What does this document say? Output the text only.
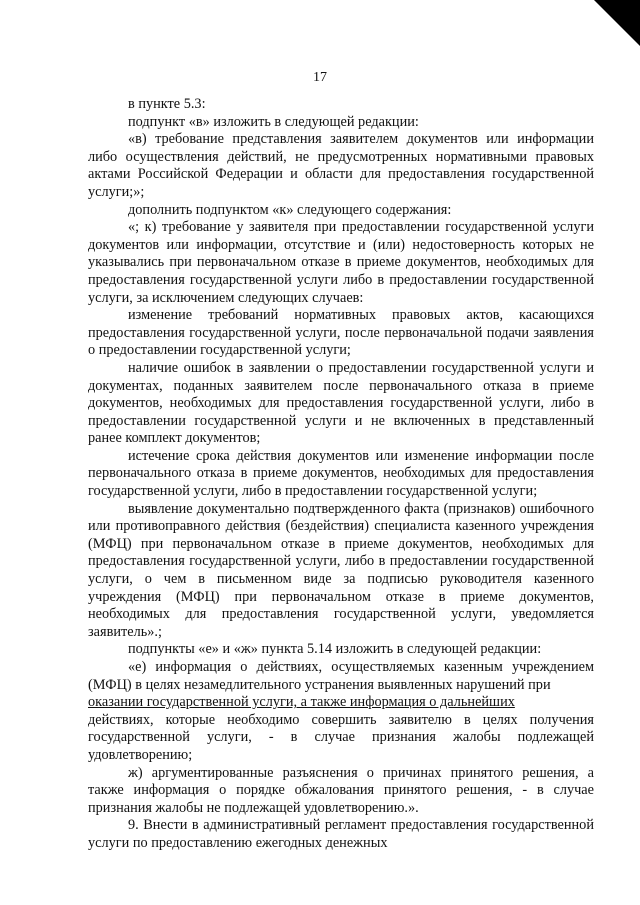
17

в пункте 5.3:

подпункт «в» изложить в следующей редакции:

«в) требование представления заявителем документов или информации либо осуществления действий, не предусмотренных нормативными правовых актами Российской Федерации и области для предоставления государственной услуги;»;

дополнить подпунктом «к» следующего содержания:

«; к) требование у заявителя при предоставлении государственной услуги документов или информации, отсутствие и (или) недостоверность которых не указывались при первоначальном отказе в приеме документов, необходимых для предоставления государственной услуги либо в предоставлении государственной услуги, за исключением следующих случаев:

изменение требований нормативных правовых актов, касающихся предоставления государственной услуги, после первоначальной подачи заявления о предоставлении государственной услуги;

наличие ошибок в заявлении о предоставлении государственной услуги и документах, поданных заявителем после первоначального отказа в приеме документов, необходимых для предоставления государственной услуги, либо в предоставлении государственной услуги и не включенных в представленный ранее комплект документов;

истечение срока действия документов или изменение информации после первоначального отказа в приеме документов, необходимых для предоставления государственной услуги, либо в предоставлении государственной услуги;

выявление документально подтвержденного факта (признаков) ошибочного или противоправного действия (бездействия) специалиста казенного учреждения (МФЦ) при первоначальном отказе в приеме документов, необходимых для предоставления государственной услуги, либо в предоставлении государственной услуги, о чем в письменном виде за подписью руководителя казенного учреждения (МФЦ) при первоначальном отказе в приеме документов, необходимых для предоставления государственной услуги, уведомляется заявитель».;

подпункты «е» и «ж» пункта 5.14 изложить в следующей редакции:

«е) информация о действиях, осуществляемых казенным учреждением (МФЦ) в целях незамедлительного устранения выявленных нарушений при

оказании государственной услуги, а также информация о дальнейших

действиях, которые необходимо совершить заявителю в целях получения государственной услуги, - в случае признания жалобы подлежащей удовлетворению;

ж) аргументированные разъяснения о причинах принятого решения, а также информация о порядке обжалования принятого решения, - в случае признания жалобы не подлежащей удовлетворению.».

9. Внести в административный регламент предоставления государственной услуги по предоставлению ежегодных денежных
